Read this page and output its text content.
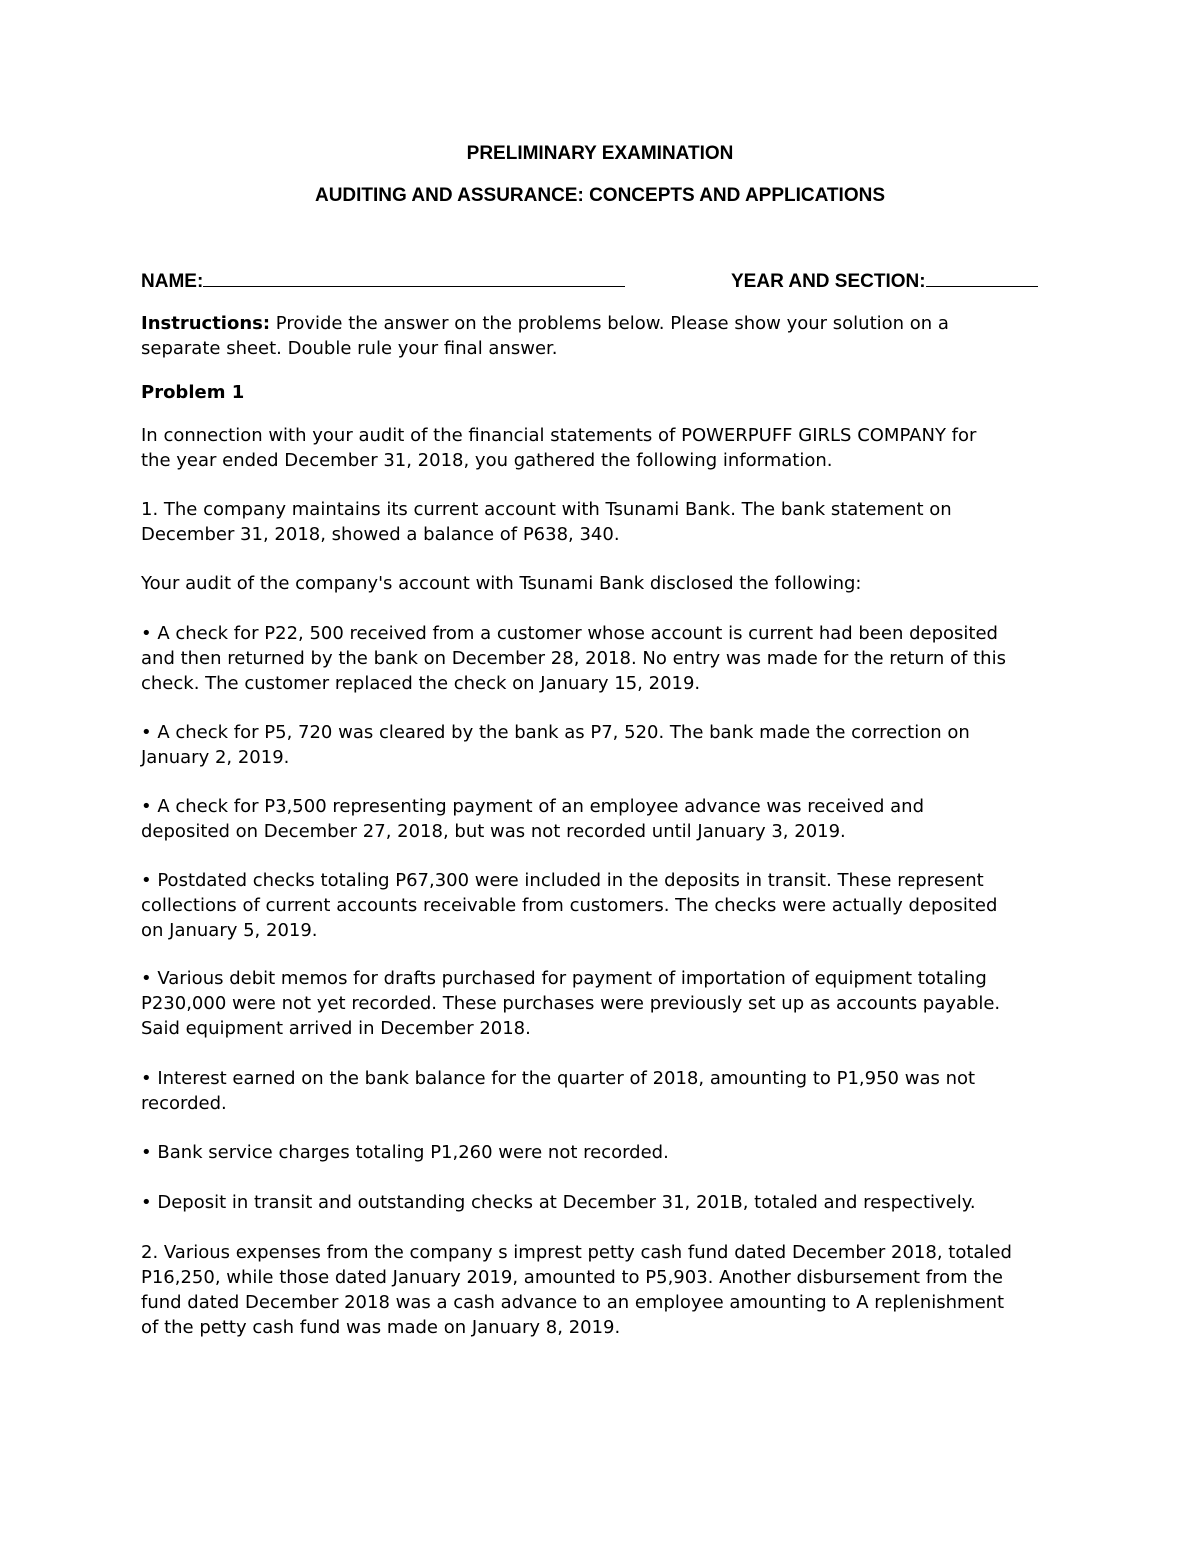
PRELIMINARY EXAMINATION
AUDITING AND ASSURANCE: CONCEPTS AND APPLICATIONS
NAME:	YEAR AND SECTION:

Instructions: Provide the answer on the problems below. Please show your solution on a

separate sheet. Double rule your final answer.

Problem 1

In connection with your audit of the financial statements of POWERPUFF GIRLS COMPANY for

the year ended December 31, 2018, you gathered the following information.

1. The company maintains its current account with Tsunami Bank. The bank statement on

December 31, 2018, showed a balance of P638, 340.

Your audit of the company's account with Tsunami Bank disclosed the following:

• A check for P22, 500 received from a customer whose account is current had been deposited

and then returned by the bank on December 28, 2018. No entry was made for the return of this

check. The customer replaced the check on January 15, 2019.

• A check for P5, 720 was cleared by the bank as P7, 520. The bank made the correction on

January 2, 2019.

• A check for P3,500 representing payment of an employee advance was received and

deposited on December 27, 2018, but was not recorded until January 3, 2019.

• Postdated checks totaling P67,300 were included in the deposits in transit. These represent

collections of current accounts receivable from customers. The checks were actually deposited

on January 5, 2019.

• Various debit memos for drafts purchased for payment of importation of equipment totaling

P230,000 were not yet recorded. These purchases were previously set up as accounts payable.

Said equipment arrived in December 2018.

• Interest earned on the bank balance for the quarter of 2018, amounting to P1,950 was not

recorded.

• Bank service charges totaling P1,260 were not recorded.

• Deposit in transit and outstanding checks at December 31, 201B, totaled and respectively.

2. Various expenses from the company s imprest petty cash fund dated December 2018, totaled

P16,250, while those dated January 2019, amounted to P5,903. Another disbursement from the

fund dated December 2018 was a cash advance to an employee amounting to A replenishment

of the petty cash fund was made on January 8, 2019.
